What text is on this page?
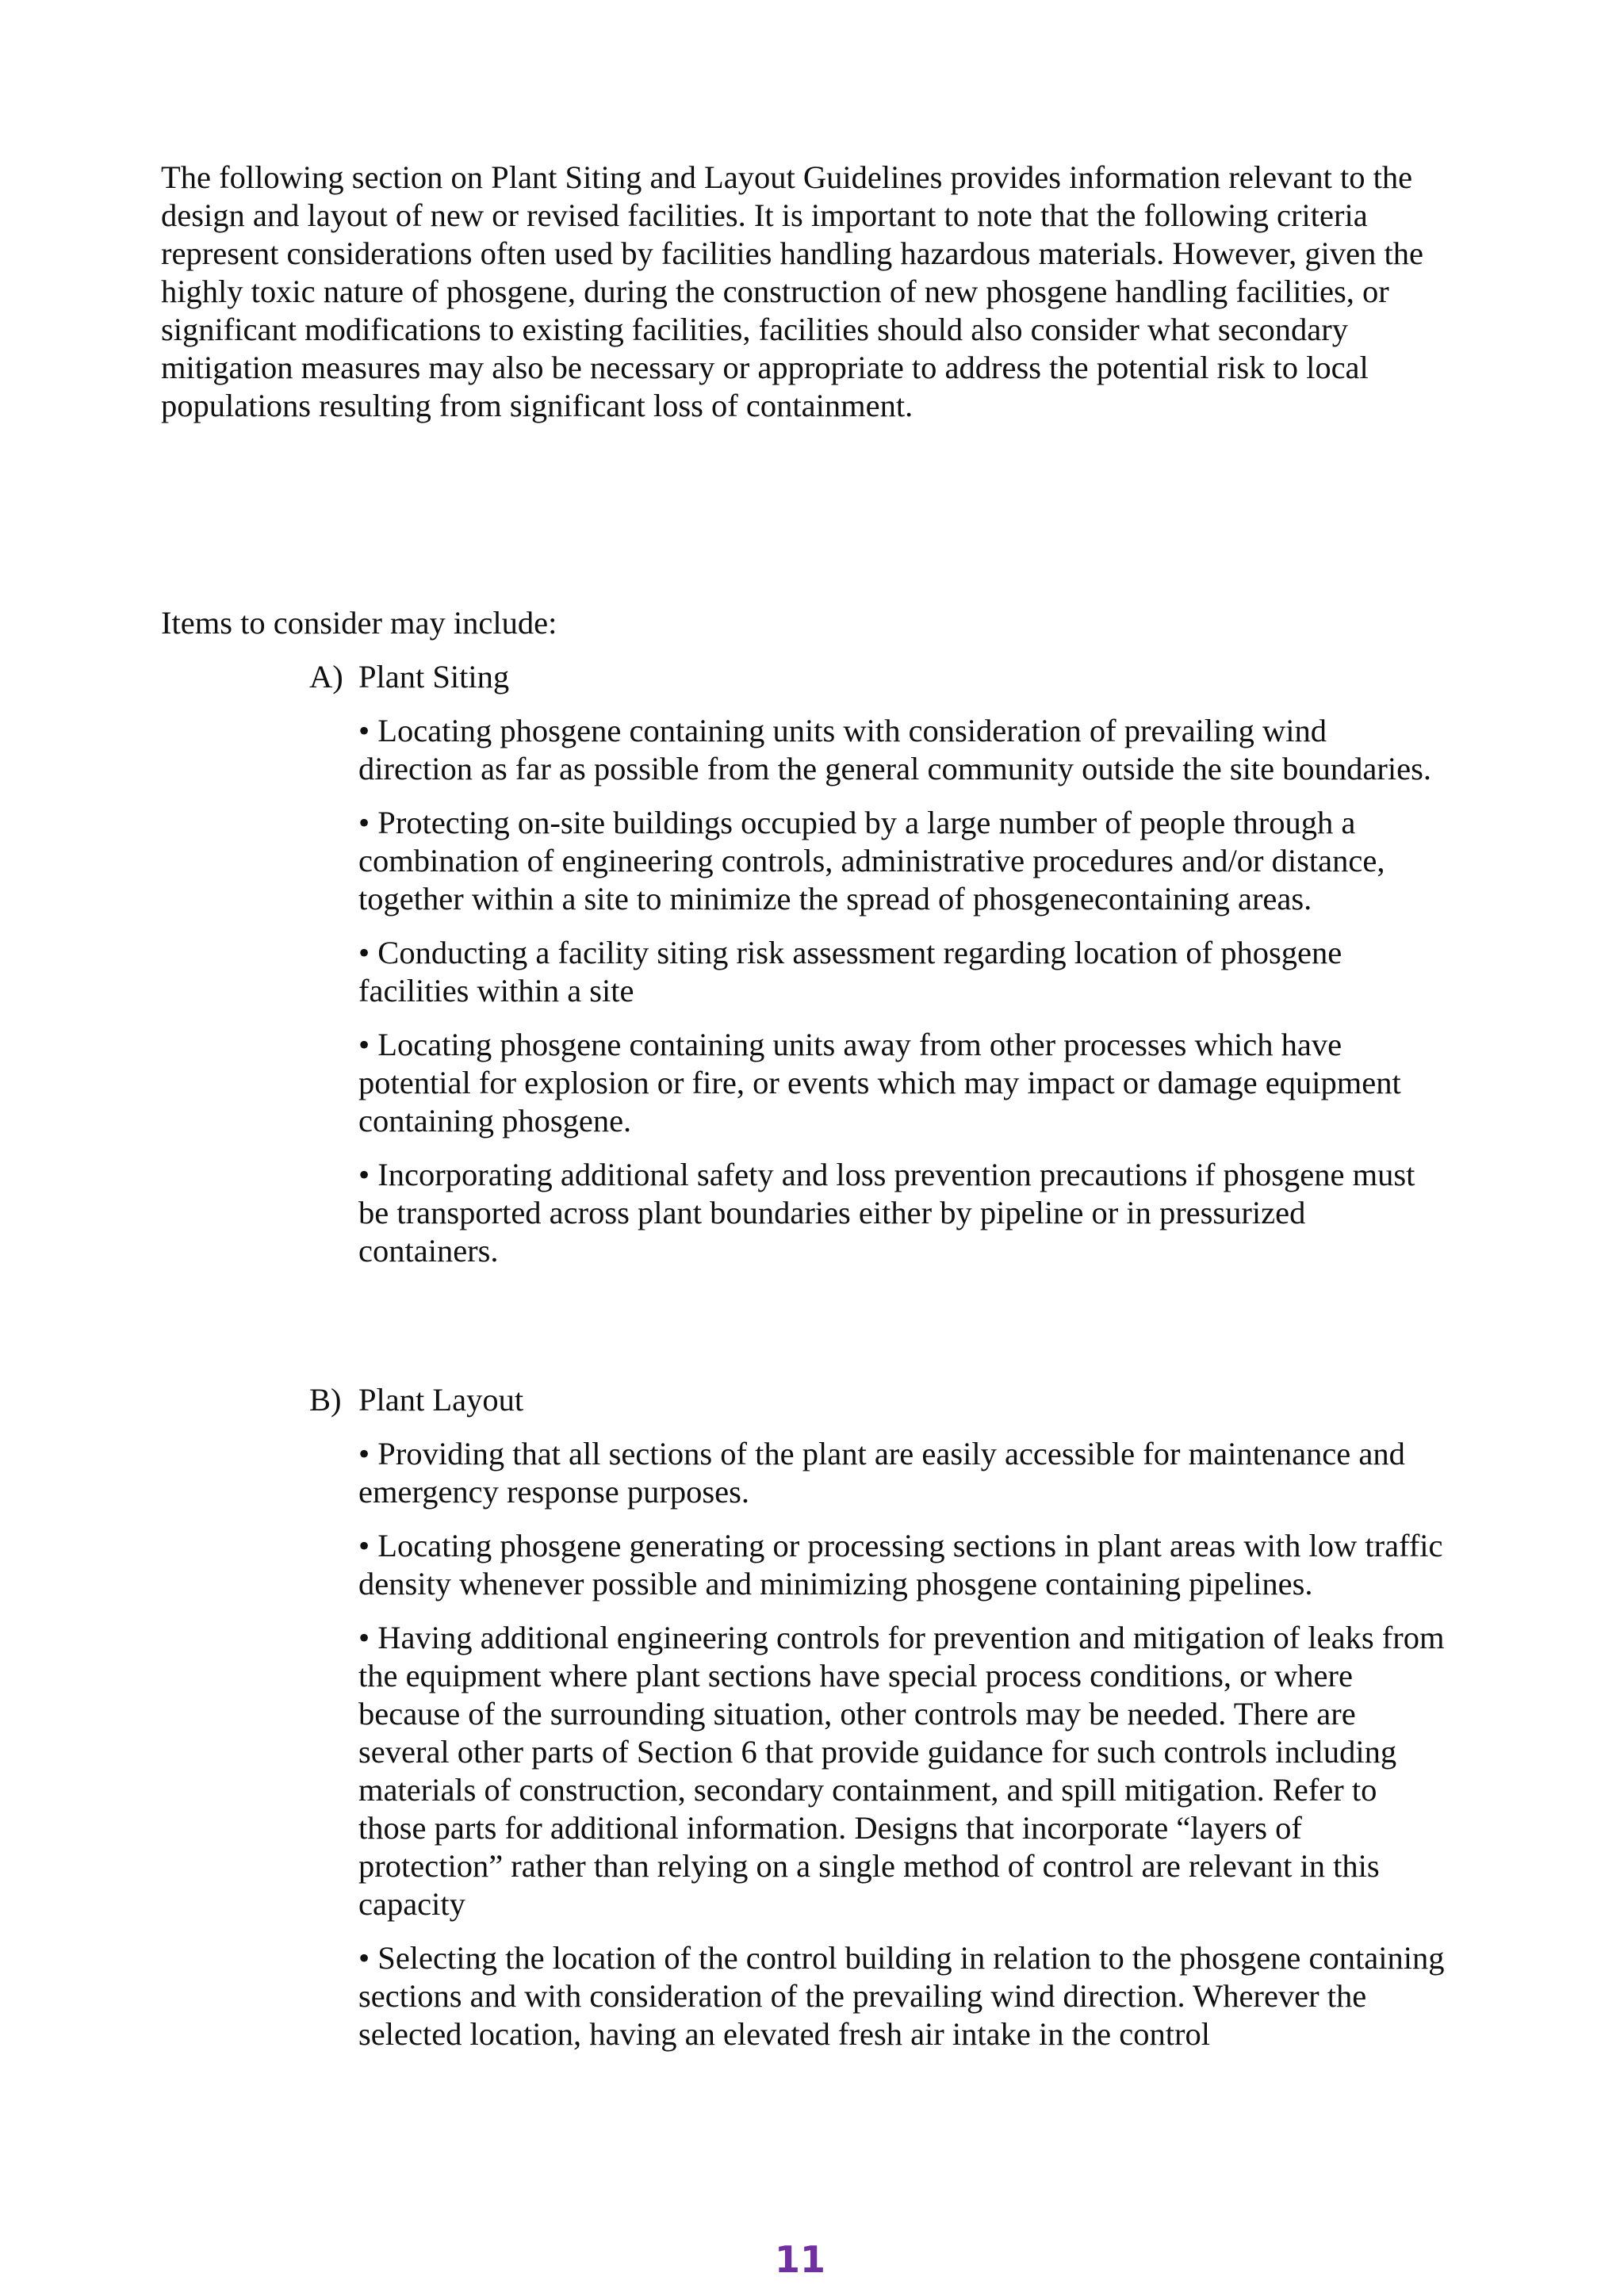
The following section on Plant Siting and Layout Guidelines provides information relevant to the design and layout of new or revised facilities. It is important to note that the following criteria represent considerations often used by facilities handling hazardous materials. However, given the highly toxic nature of phosgene, during the construction of new phosgene handling facilities, or significant modifications to existing facilities, facilities should also consider what secondary mitigation measures may also be necessary or appropriate to address the potential risk to local populations resulting from significant loss of containment.

Items to consider may include:

A) Plant Siting
• Locating phosgene containing units with consideration of prevailing wind direction as far as possible from the general community outside the site boundaries.
• Protecting on-site buildings occupied by a large number of people through a combination of engineering controls, administrative procedures and/or distance, together within a site to minimize the spread of phosgenecontaining areas.
• Conducting a facility siting risk assessment regarding location of phosgene facilities within a site
• Locating phosgene containing units away from other processes which have potential for explosion or fire, or events which may impact or damage equipment containing phosgene.
• Incorporating additional safety and loss prevention precautions if phosgene must be transported across plant boundaries either by pipeline or in pressurized containers.
B) Plant Layout
• Providing that all sections of the plant are easily accessible for maintenance and emergency response purposes.
• Locating phosgene generating or processing sections in plant areas with low traffic density whenever possible and minimizing phosgene containing pipelines.
• Having additional engineering controls for prevention and mitigation of leaks from the equipment where plant sections have special process conditions, or where because of the surrounding situation, other controls may be needed. There are several other parts of Section 6 that provide guidance for such controls including materials of construction, secondary containment, and spill mitigation. Refer to those parts for additional information. Designs that incorporate “layers of protection” rather than relying on a single method of control are relevant in this capacity
• Selecting the location of the control building in relation to the phosgene containing sections and with consideration of the prevailing wind direction. Wherever the selected location, having an elevated fresh air intake in the control
11
